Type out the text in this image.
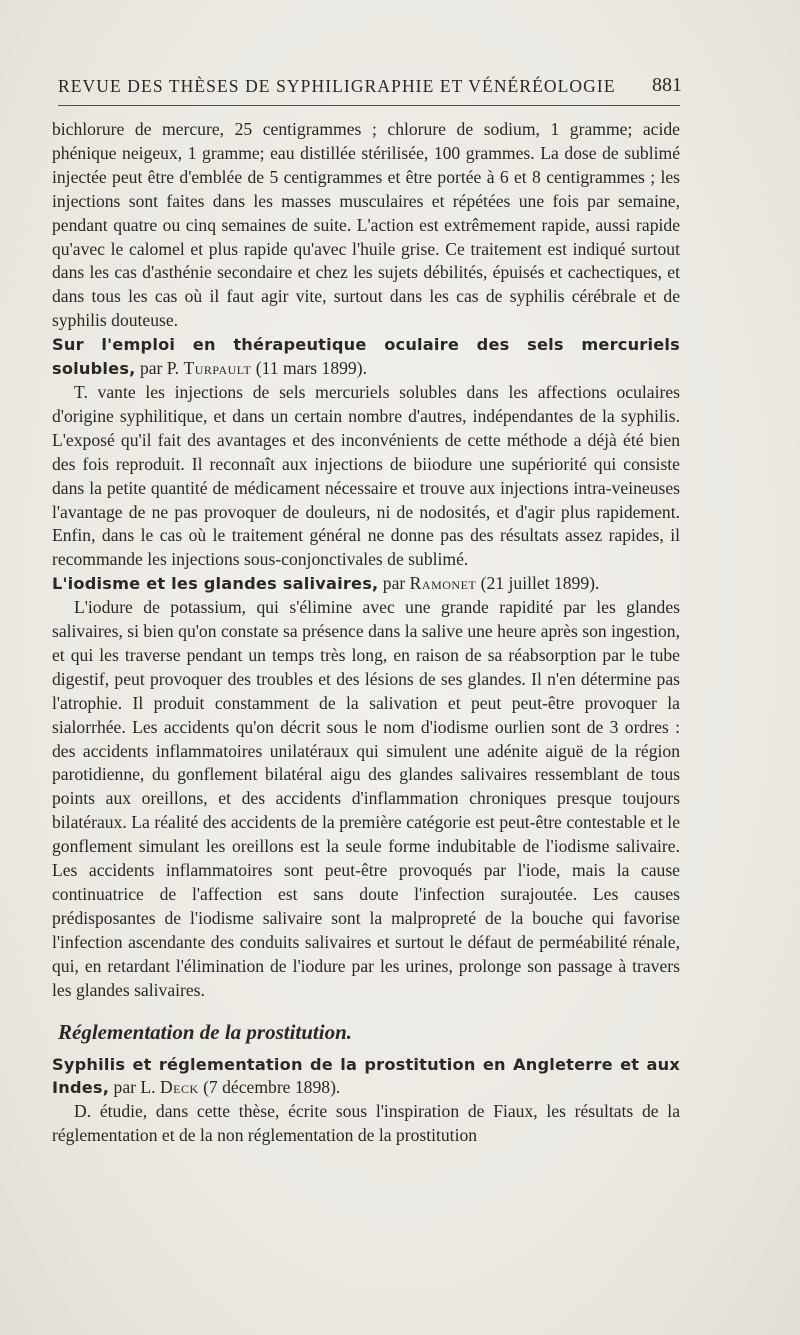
REVUE DES THÈSES DE SYPHILIGRAPHIE ET VÉNÉRÉOLOGIE 881

bichlorure de mercure, 25 centigrammes ; chlorure de sodium, 1 gramme; acide phénique neigeux, 1 gramme; eau distillée stérilisée, 100 grammes. La dose de sublimé injectée peut être d'emblée de 5 centigrammes et être portée à 6 et 8 centigrammes ; les injections sont faites dans les masses musculaires et répétées une fois par semaine, pendant quatre ou cinq semaines de suite. L'action est extrêmement rapide, aussi rapide qu'avec le calomel et plus rapide qu'avec l'huile grise. Ce traitement est indiqué surtout dans les cas d'asthénie secondaire et chez les sujets débilités, épuisés et cachectiques, et dans tous les cas où il faut agir vite, surtout dans les cas de syphilis cérébrale et de syphilis douteuse.

Sur l'emploi en thérapeutique oculaire des sels mercuriels solubles, par P. Turpault (11 mars 1899).

T. vante les injections de sels mercuriels solubles dans les affections oculaires d'origine syphilitique, et dans un certain nombre d'autres, indépendantes de la syphilis. L'exposé qu'il fait des avantages et des inconvénients de cette méthode a déjà été bien des fois reproduit. Il reconnaît aux injections de biiodure une supériorité qui consiste dans la petite quantité de médicament nécessaire et trouve aux injections intra-veineuses l'avantage de ne pas provoquer de douleurs, ni de nodosités, et d'agir plus rapidement. Enfin, dans le cas où le traitement général ne donne pas des résultats assez rapides, il recommande les injections sous-conjonctivales de sublimé.

L'iodisme et les glandes salivaires, par Ramonet (21 juillet 1899).

L'iodure de potassium, qui s'élimine avec une grande rapidité par les glandes salivaires, si bien qu'on constate sa présence dans la salive une heure après son ingestion, et qui les traverse pendant un temps très long, en raison de sa réabsorption par le tube digestif, peut provoquer des troubles et des lésions de ses glandes. Il n'en détermine pas l'atrophie. Il produit constamment de la salivation et peut peut-être provoquer la sialorrhée. Les accidents qu'on décrit sous le nom d'iodisme ourlien sont de 3 ordres : des accidents inflammatoires unilatéraux qui simulent une adénite aiguë de la région parotidienne, du gonflement bilatéral aigu des glandes salivaires ressemblant de tous points aux oreillons, et des accidents d'inflammation chroniques presque toujours bilatéraux. La réalité des accidents de la première catégorie est peut-être contestable et le gonflement simulant les oreillons est la seule forme indubitable de l'iodisme salivaire. Les accidents inflammatoires sont peut-être provoqués par l'iode, mais la cause continuatrice de l'affection est sans doute l'infection surajoutée. Les causes prédisposantes de l'iodisme salivaire sont la malpropreté de la bouche qui favorise l'infection ascendante des conduits salivaires et surtout le défaut de perméabilité rénale, qui, en retardant l'élimination de l'iodure par les urines, prolonge son passage à travers les glandes salivaires.

Réglementation de la prostitution.

Syphilis et réglementation de la prostitution en Angleterre et aux Indes, par L. Deck (7 décembre 1898).

D. étudie, dans cette thèse, écrite sous l'inspiration de Fiaux, les résultats de la réglementation et de la non réglementation de la prostitution
